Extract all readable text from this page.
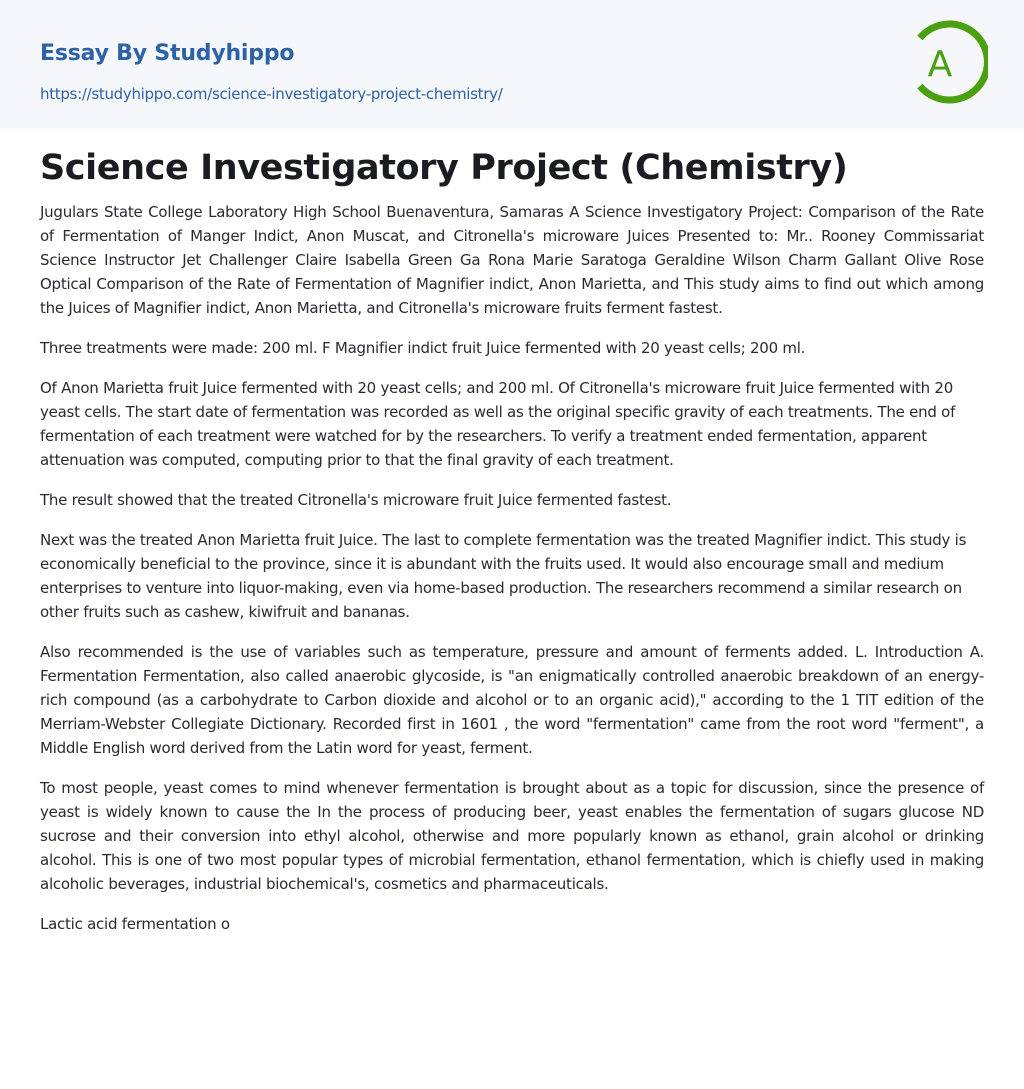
Essay By Studyhippo
https://studyhippo.com/science-investigatory-project-chemistry/
A
Science Investigatory Project (Chemistry)

Jugulars State College Laboratory High School Buenaventura, Samaras A Science Investigatory Project: Comparison of the Rate of Fermentation of Manger Indict, Anon Muscat, and Citronella's microware Juices Presented to: Mr.. Rooney Commissariat Science Instructor Jet Challenger Claire Isabella Green Ga Rona Marie Saratoga Geraldine Wilson Charm Gallant Olive Rose Optical Comparison of the Rate of Fermentation of Magnifier indict, Anon Marietta, and This study aims to find out which among the Juices of Magnifier indict, Anon Marietta, and Citronella's microware fruits ferment fastest.

Three treatments were made: 200 ml. F Magnifier indict fruit Juice fermented with 20 yeast cells; 200 ml.

Of Anon Marietta fruit Juice fermented with 20 yeast cells; and 200 ml. Of Citronella's microware fruit Juice fermented with 20 yeast cells. The start date of fermentation was recorded as well as the original specific gravity of each treatments. The end of fermentation of each treatment were watched for by the researchers. To verify a treatment ended fermentation, apparent attenuation was computed, computing prior to that the final gravity of each treatment.

The result showed that the treated Citronella's microware fruit Juice fermented fastest.

Next was the treated Anon Marietta fruit Juice. The last to complete fermentation was the treated Magnifier indict. This study is economically beneficial to the province, since it is abundant with the fruits used. It would also encourage small and medium enterprises to venture into liquor-making, even via home-based production. The researchers recommend a similar research on other fruits such as cashew, kiwifruit and bananas.

Also recommended is the use of variables such as temperature, pressure and amount of ferments added. L. Introduction A. Fermentation Fermentation, also called anaerobic glycoside, is "an enigmatically controlled anaerobic breakdown of an energy-rich compound (as a carbohydrate to Carbon dioxide and alcohol or to an organic acid)," according to the 1 TIT edition of the Merriam-Webster Collegiate Dictionary. Recorded first in 1601 , the word "fermentation" came from the root word "ferment", a Middle English word derived from the Latin word for yeast, ferment.

To most people, yeast comes to mind whenever fermentation is brought about as a topic for discussion, since the presence of yeast is widely known to cause the In the process of producing beer, yeast enables the fermentation of sugars glucose ND sucrose and their conversion into ethyl alcohol, otherwise and more popularly known as ethanol, grain alcohol or drinking alcohol. This is one of two most popular types of microbial fermentation, ethanol fermentation, which is chiefly used in making alcoholic beverages, industrial biochemical's, cosmetics and pharmaceuticals.

Lactic acid fermentation o
